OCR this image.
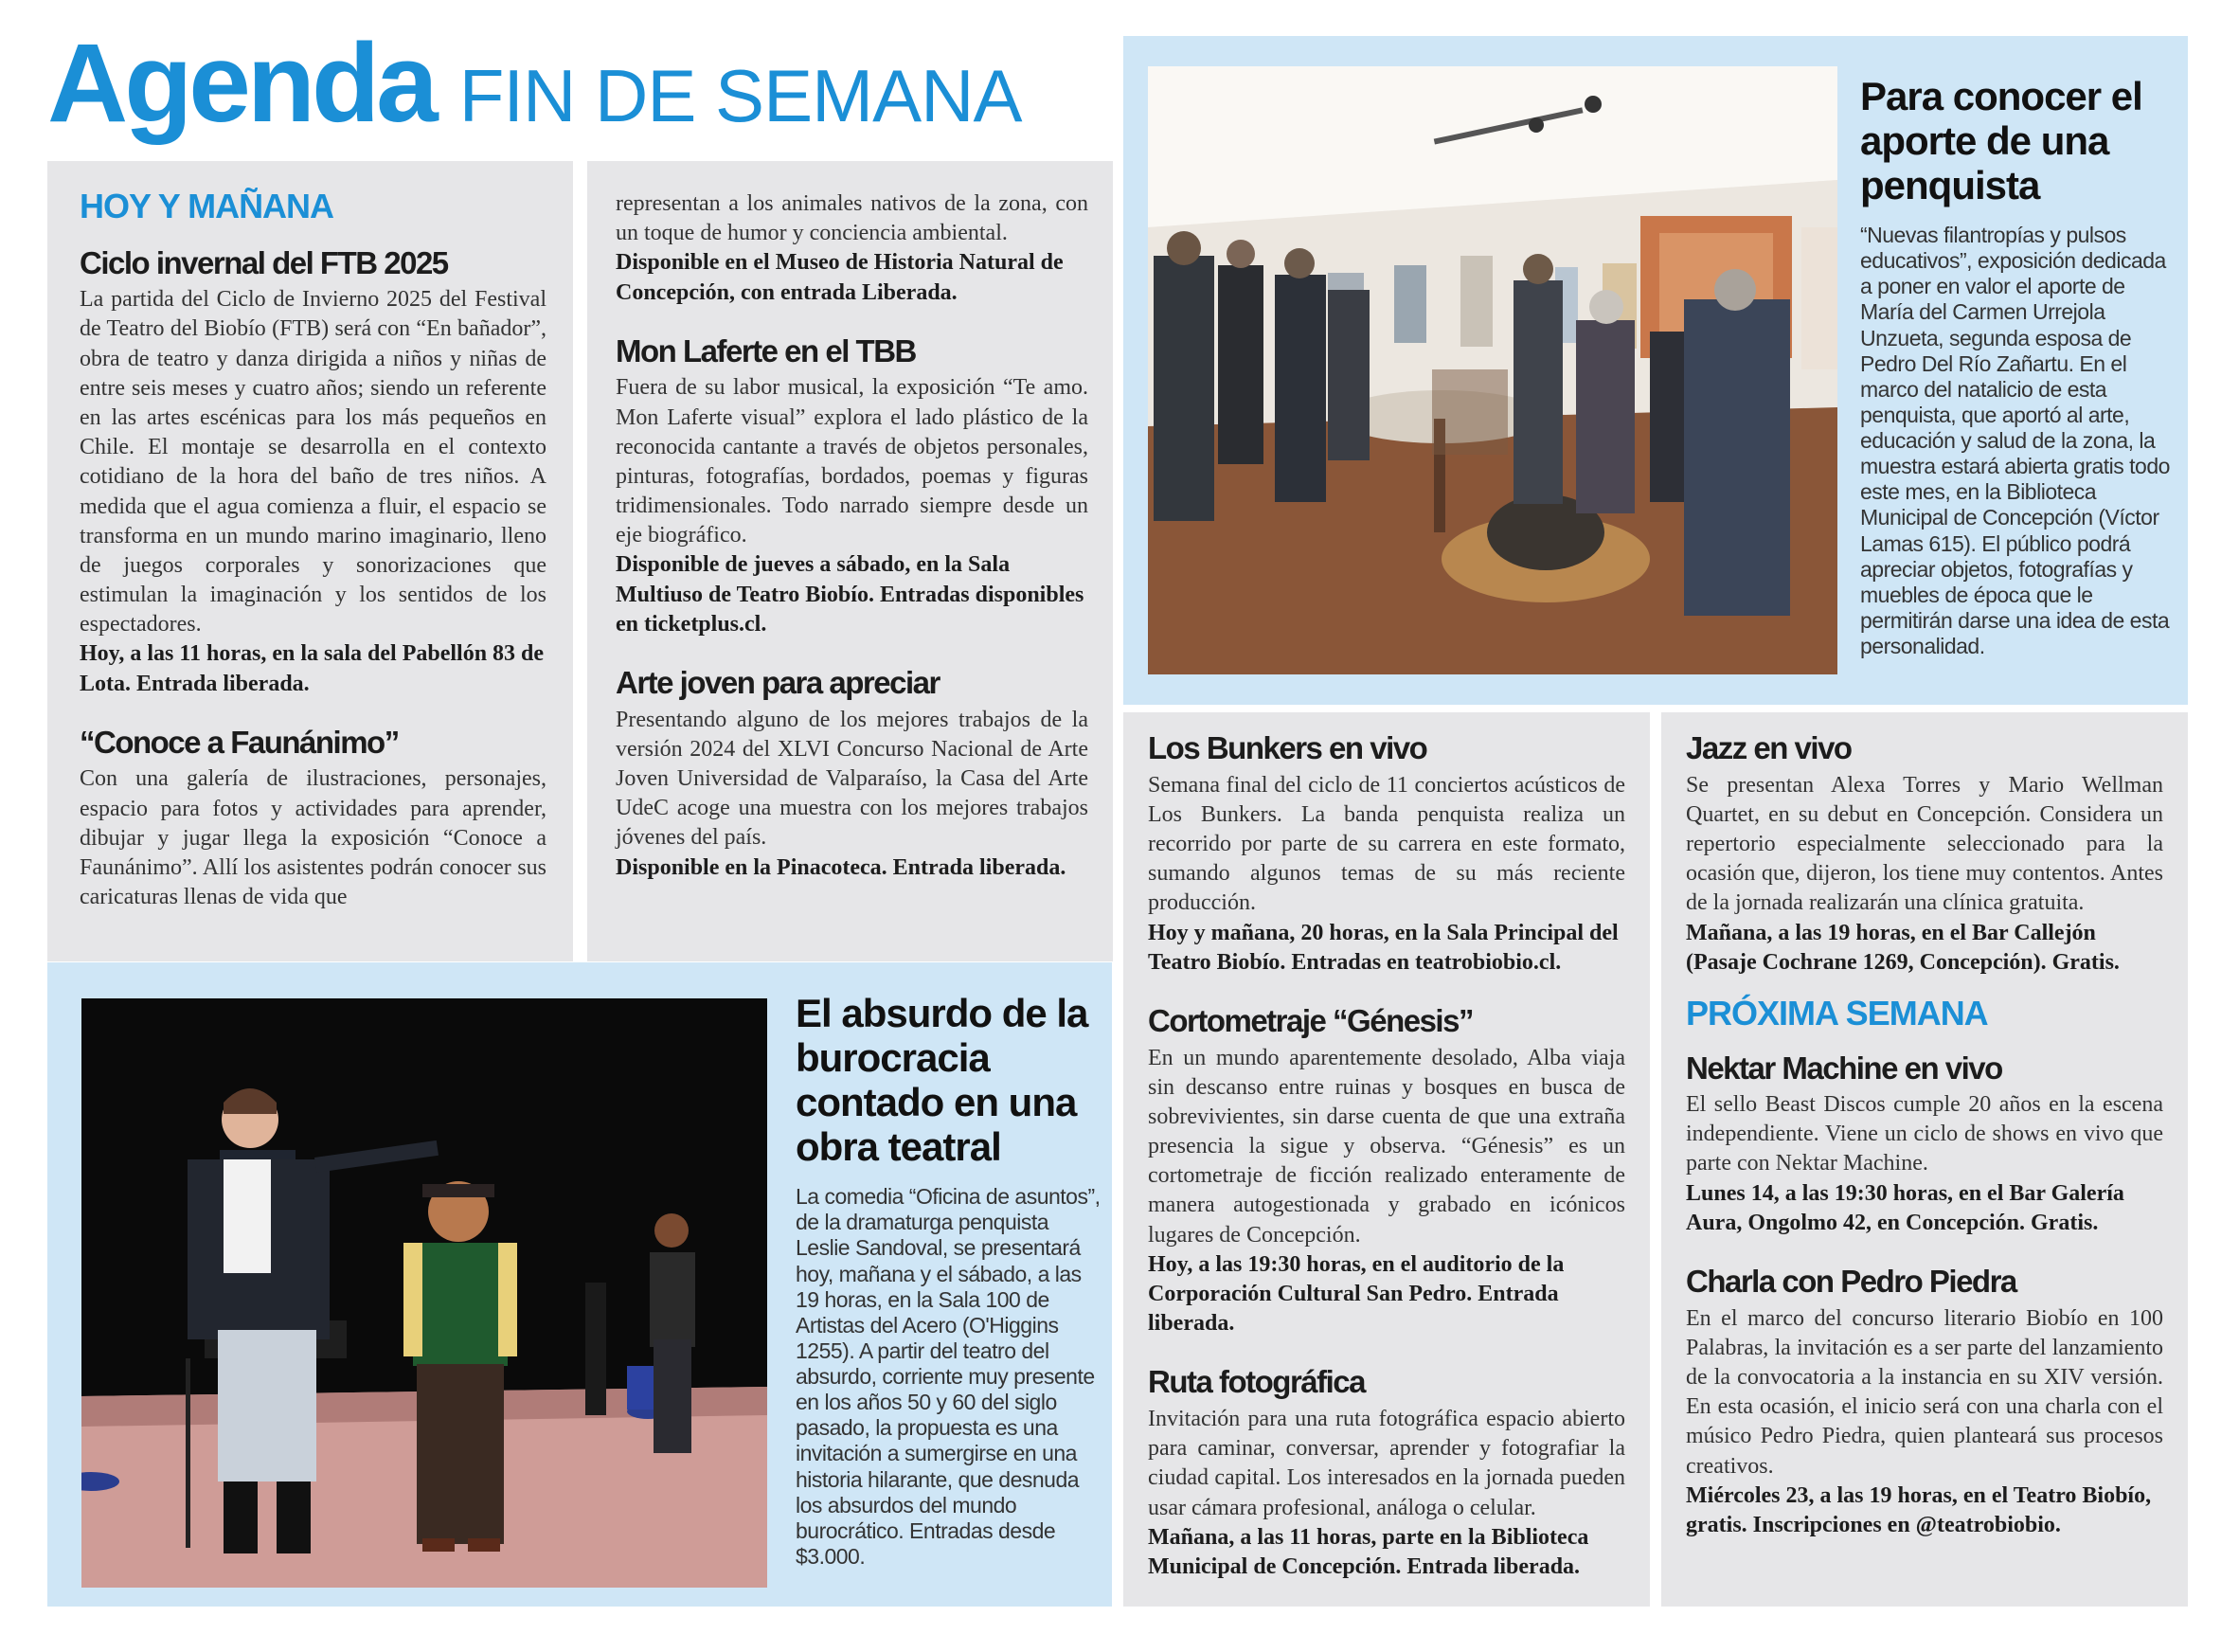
Agenda FIN DE SEMANA
HOY Y MAÑANA
Ciclo invernal del FTB 2025

La partida del Ciclo de Invierno 2025 del Festival de Teatro del Biobío (FTB) será con “En bañador”, obra de teatro y danza dirigida a niños y niñas de entre seis meses y cuatro años; siendo un referente en las artes escénicas para los más pequeños en Chile. El montaje se desarrolla en el contexto cotidiano de la hora del baño de tres niños. A medida que el agua comienza a fluir, el espacio se transforma en un mundo marino imaginario, lleno de juegos corporales y sonorizaciones que estimulan la imaginación y los sentidos de los espectadores.

Hoy, a las 11 horas, en la sala del Pabellón 83 de Lota. Entrada liberada.

“Conoce a Faunánimo”

Con una galería de ilustraciones, personajes, espacio para fotos y actividades para aprender, dibujar y jugar llega la exposición “Conoce a Faunánimo”. Allí los asistentes podrán conocer sus caricaturas llenas de vida que

representan a los animales nativos de la zona, con un toque de humor y conciencia ambiental.

Disponible en el Museo de Historia Natural de Concepción, con entrada Liberada.

Mon Laferte en el TBB

Fuera de su labor musical, la exposición “Te amo. Mon Laferte visual” explora el lado plástico de la reconocida cantante a través de objetos personales, pinturas, fotografías, bordados, poemas y figuras tridimensionales. Todo narrado siempre desde un eje biográfico.

Disponible de jueves a sábado, en la Sala Multiuso de Teatro Biobío. Entradas disponibles en ticketplus.cl.

Arte joven para apreciar

Presentando alguno de los mejores trabajos de la versión 2024 del XLVI Concurso Nacional de Arte Joven Universidad de Valparaíso, la Casa del Arte UdeC acoge una muestra con los mejores trabajos jóvenes del país.

Disponible en la Pinacoteca. Entrada liberada.

Para conocer el aporte de una penquista

“Nuevas filantropías y pulsos educativos”, exposición dedicada a poner en valor el aporte de María del Carmen Urrejola Unzueta, segunda esposa de Pedro Del Río Zañartu. En el marco del natalicio de esta penquista, que aportó al arte, educación y salud de la zona, la muestra estará abierta gratis todo este mes, en la Biblioteca Municipal de Concepción (Víctor Lamas 615). El público podrá apreciar objetos, fotografías y muebles de época que le permitirán darse una idea de esta personalidad.

El absurdo de la burocracia contado en una obra teatral

La comedia “Oficina de asuntos”, de la dramaturga penquista Leslie Sandoval, se presentará hoy, mañana y el sábado, a las 19 horas, en la Sala 100 de Artistas del Acero (O'Higgins 1255). A partir del teatro del absurdo, corriente muy presente en los años 50 y 60 del siglo pasado, la propuesta es una invitación a sumergirse en una historia hilarante, que desnuda los absurdos del mundo burocrático. Entradas desde $3.000.

Los Bunkers en vivo

Semana final del ciclo de 11 conciertos acústicos de Los Bunkers. La banda penquista realiza un recorrido por parte de su carrera en este formato, sumando algunos temas de su más reciente producción.

Hoy y mañana, 20 horas, en la Sala Principal del Teatro Biobío. Entradas en teatrobiobio.cl.

Cortometraje “Génesis”

En un mundo aparentemente desolado, Alba viaja sin descanso entre ruinas y bosques en busca de sobrevivientes, sin darse cuenta de que una extraña presencia la sigue y observa. “Génesis” es un cortometraje de ficción realizado enteramente de manera autogestionada y grabado en icónicos lugares de Concepción.

Hoy, a las 19:30 horas, en el auditorio de la Corporación Cultural San Pedro. Entrada liberada.

Ruta fotográfica

Invitación para una ruta fotográfica espacio abierto para caminar, conversar, aprender y fotografiar la ciudad capital. Los interesados en la jornada pueden usar cámara profesional, análoga o celular.

Mañana, a las 11 horas, parte en la Biblioteca Municipal de Concepción. Entrada liberada.

Jazz en vivo

Se presentan Alexa Torres y Mario Wellman Quartet, en su debut en Concepción. Considera un repertorio especialmente seleccionado para la ocasión que, dijeron, los tiene muy contentos. Antes de la jornada realizarán una clínica gratuita.

Mañana, a las 19 horas, en el Bar Callejón (Pasaje Cochrane 1269, Concepción). Gratis.

PRÓXIMA SEMANA
Nektar Machine en vivo

El sello Beast Discos cumple 20 años en la escena independiente. Viene un ciclo de shows en vivo que parte con Nektar Machine.

Lunes 14, a las 19:30 horas, en el Bar Galería Aura, Ongolmo 42, en Concepción. Gratis.

Charla con Pedro Piedra

En el marco del concurso literario Biobío en 100 Palabras, la invitación es a ser parte del lanzamiento de la convocatoria a la instancia en su XIV versión. En esta ocasión, el inicio será con una charla con el músico Pedro Piedra, quien planteará sus procesos creativos.

Miércoles 23, a las 19 horas, en el Teatro Biobío, gratis. Inscripciones en @teatrobiobio.
